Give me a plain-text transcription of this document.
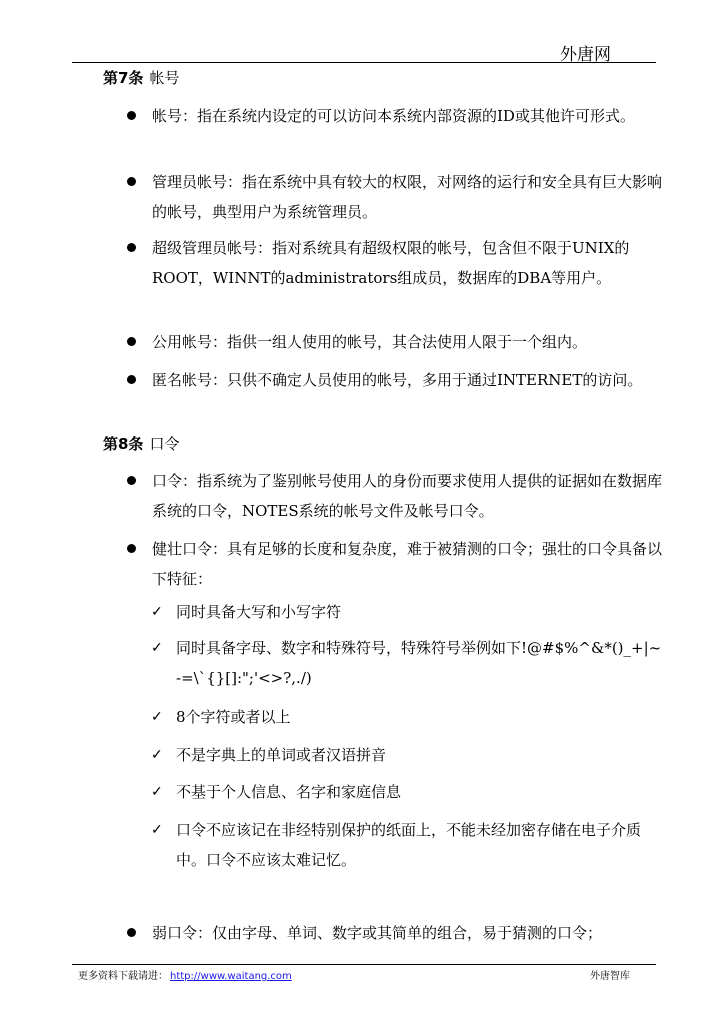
外唐网
第7条 帐号
帐号：指在系统内设定的可以访问本系统内部资源的ID或其他许可形式。
管理员帐号：指在系统中具有较大的权限，对网络的运行和安全具有巨大影响的帐号，典型用户为系统管理员。
超级管理员帐号：指对系统具有超级权限的帐号，包含但不限于UNIX的ROOT，WINNT的administrators组成员，数据库的DBA等用户。
公用帐号：指供一组人使用的帐号，其合法使用人限于一个组内。
匿名帐号：只供不确定人员使用的帐号，多用于通过INTERNET的访问。
第8条 口令
口令：指系统为了鉴别帐号使用人的身份而要求使用人提供的证据如在数据库系统的口令，NOTES系统的帐号文件及帐号口令。
健壮口令：具有足够的长度和复杂度，难于被猜测的口令；强壮的口令具备以下特征：
✓ 同时具备大写和小写字符
✓ 同时具备字母、数字和特殊符号，特殊符号举例如下!@#$%^&*()_+|~-=\`{}[]:";'<>?,./)
✓ 8个字符或者以上
✓ 不是字典上的单词或者汉语拼音
✓ 不基于个人信息、名字和家庭信息
✓ 口令不应该记在非经特别保护的纸面上，不能未经加密存储在电子介质中。口令不应该太难记忆。
弱口令：仅由字母、单词、数字或其简单的组合，易于猜测的口令；
更多资料下载请进： http://www.waitang.com	外唐智库
